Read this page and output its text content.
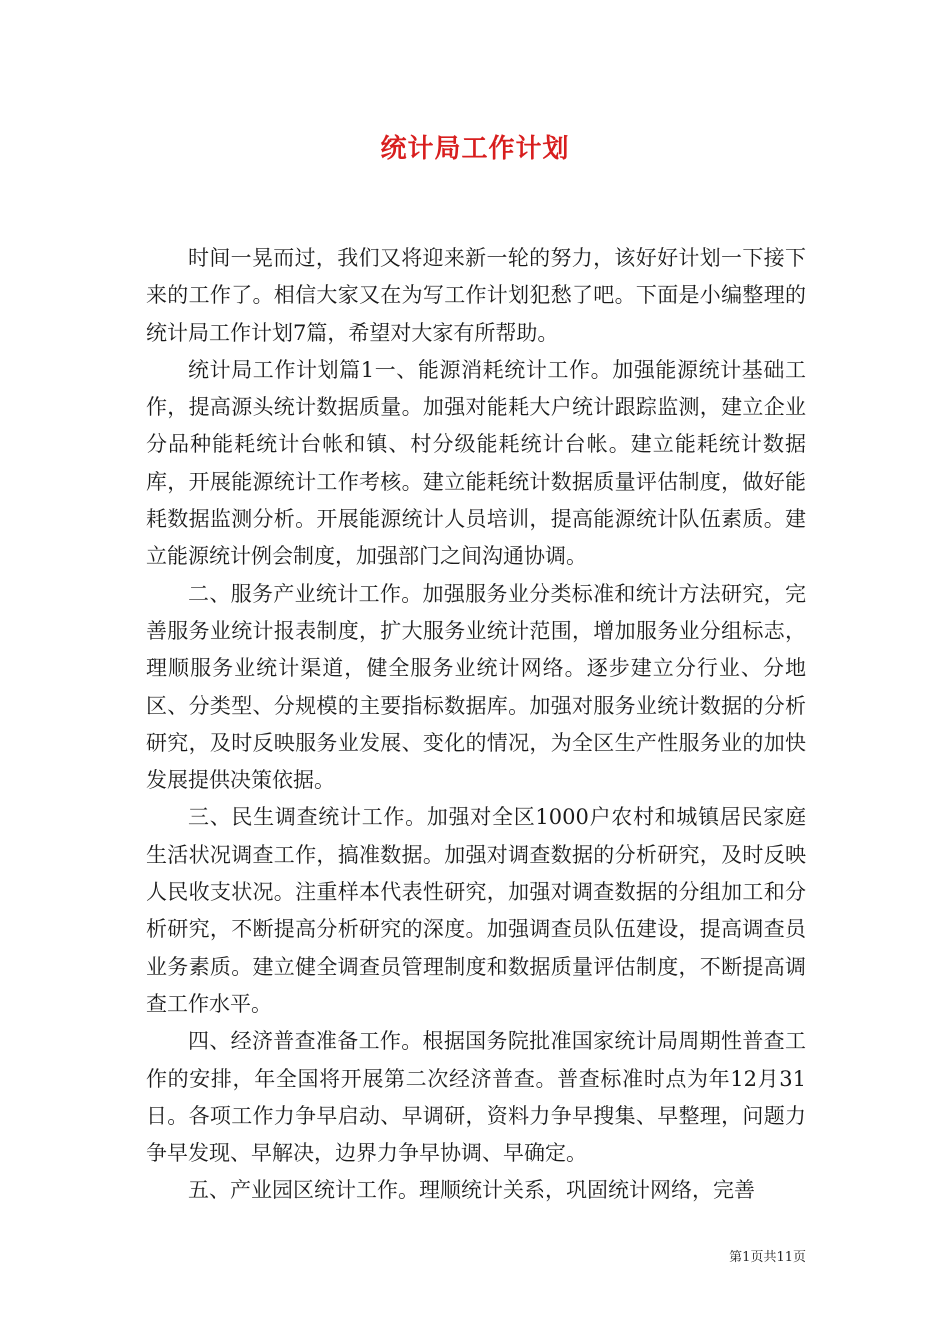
统计局工作计划

时间一晃而过，我们又将迎来新一轮的努力，该好好计划一下接下来的工作了。相信大家又在为写工作计划犯愁了吧。下面是小编整理的统计局工作计划7篇，希望对大家有所帮助。

统计局工作计划篇1一、能源消耗统计工作。加强能源统计基础工作，提高源头统计数据质量。加强对能耗大户统计跟踪监测，建立企业分品种能耗统计台帐和镇、村分级能耗统计台帐。建立能耗统计数据库，开展能源统计工作考核。建立能耗统计数据质量评估制度，做好能耗数据监测分析。开展能源统计人员培训，提高能源统计队伍素质。建立能源统计例会制度，加强部门之间沟通协调。

二、服务产业统计工作。加强服务业分类标准和统计方法研究，完善服务业统计报表制度，扩大服务业统计范围，增加服务业分组标志，理顺服务业统计渠道，健全服务业统计网络。逐步建立分行业、分地区、分类型、分规模的主要指标数据库。加强对服务业统计数据的分析研究，及时反映服务业发展、变化的情况，为全区生产性服务业的加快发展提供决策依据。

三、民生调查统计工作。加强对全区1000户农村和城镇居民家庭生活状况调查工作，搞准数据。加强对调查数据的分析研究，及时反映人民收支状况。注重样本代表性研究，加强对调查数据的分组加工和分析研究，不断提高分析研究的深度。加强调查员队伍建设，提高调查员业务素质。建立健全调查员管理制度和数据质量评估制度，不断提高调查工作水平。

四、经济普查准备工作。根据国务院批准国家统计局周期性普查工作的安排，年全国将开展第二次经济普查。普查标准时点为年12月31日。各项工作力争早启动、早调研，资料力争早搜集、早整理，问题力争早发现、早解决，边界力争早协调、早确定。

五、产业园区统计工作。理顺统计关系，巩固统计网络，完善

第1页共11页
